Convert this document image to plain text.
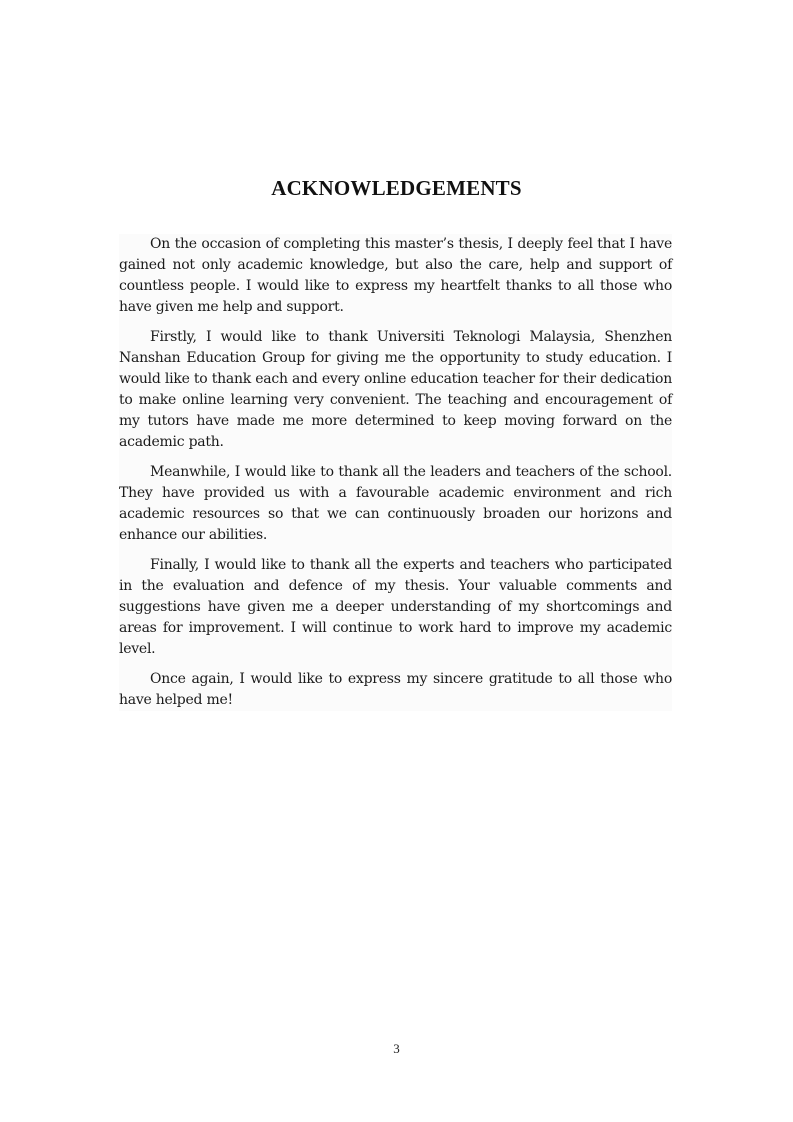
ACKNOWLEDGEMENTS

On the occasion of completing this master’s thesis, I deeply feel that I have gained not only academic knowledge, but also the care, help and support of countless people. I would like to express my heartfelt thanks to all those who have given me help and support.

Firstly, I would like to thank Universiti Teknologi Malaysia, Shenzhen Nanshan Education Group for giving me the opportunity to study education. I would like to thank each and every online education teacher for their dedication to make online learning very convenient. The teaching and encouragement of my tutors have made me more determined to keep moving forward on the academic path.

Meanwhile, I would like to thank all the leaders and teachers of the school. They have provided us with a favourable academic environment and rich academic resources so that we can continuously broaden our horizons and enhance our abilities.

Finally, I would like to thank all the experts and teachers who participated in the evaluation and defence of my thesis. Your valuable comments and suggestions have given me a deeper understanding of my shortcomings and areas for improvement. I will continue to work hard to improve my academic level.

Once again, I would like to express my sincere gratitude to all those who have helped me!

3
